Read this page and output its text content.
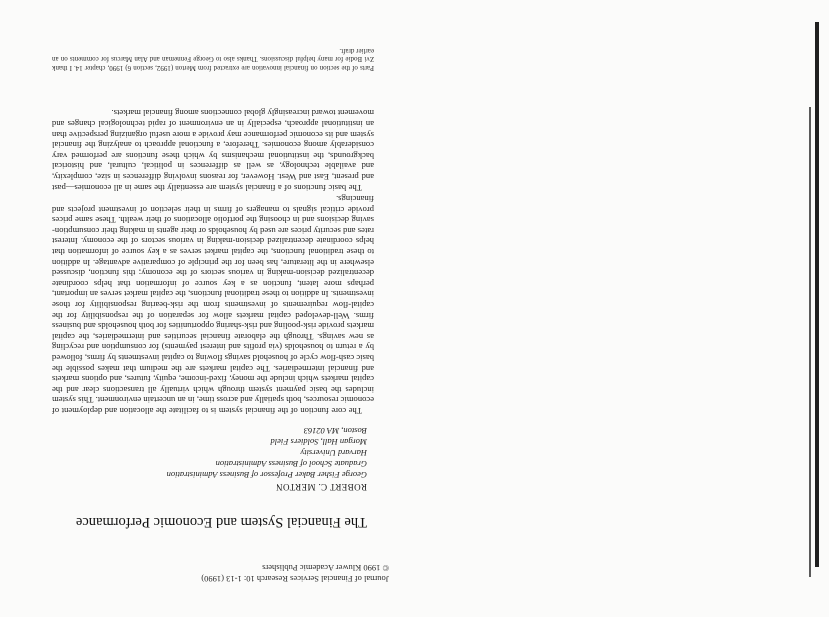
Journal of Financial Services Research 10: 1-13 (1990)
© 1990 Kluwer Academic Publishers
The Financial System and Economic Performance
ROBERT C. MERTON
George Fisher Baker Professor of Business Administration
Graduate School of Business Administration
Harvard University
Morgan Hall, Soldiers Field
Boston, MA 02163

The core function of the financial system is to facilitate the allocation and deployment of economic resources, both spatially and across time, in an uncertain environment. This system includes the basic payment system through which virtually all transactions clear and the capital markets which include the money, fixed-income, equity, futures, and options markets and financial intermediaries. The capital markets are the medium that makes possible the basic cash-flow cycle of household savings flowing to capital investments by firms, followed by a return to households (via profits and interest payments) for consumption and recycling as new savings. Through the elaborate financial securities and intermediaries, the capital markets provide risk-pooling and risk-sharing opportunities for both households and business firms. Well-developed capital markets allow for separation of the responsibility for the capital-flow requirements of investments from the risk-bearing responsibility for those investments. In addition to these traditional functions, the capital market serves an important, perhaps more latent, function as a key source of information that helps coordinate decentralized decision-making in various sectors of the economy; this function, discussed elsewhere in the literature, has been for the principle of comparative advantage. In addition to these traditional functions, the capital market serves as a key source of information that helps coordinate decentralized decision-making in various sectors of the economy. Interest rates and security prices are used by households or their agents in making their consumption-saving decisions and in choosing the portfolio allocations of their wealth. These same prices provide critical signals to managers of firms in their selection of investment projects and financings.

The basic functions of a financial system are essentially the same in all economies—past and present, East and West. However, for reasons involving differences in size, complexity, and available technology, as well as differences in political, cultural, and historical backgrounds, the institutional mechanisms by which these functions are performed vary considerably among economies. Therefore, a functional approach to analyzing the financial system and its economic performance may provide a more useful organizing perspective than an institutional approach, especially in an environment of rapid technological changes and movement toward increasingly global connections among financial markets.

Parts of the section on financial innovation are extracted from Merton (1992, section 6) 1990, chapter 14. I thank Zvi Bodie for many helpful discussions. Thanks also to George Fenneman and Alan Marcus for comments on an earlier draft.
